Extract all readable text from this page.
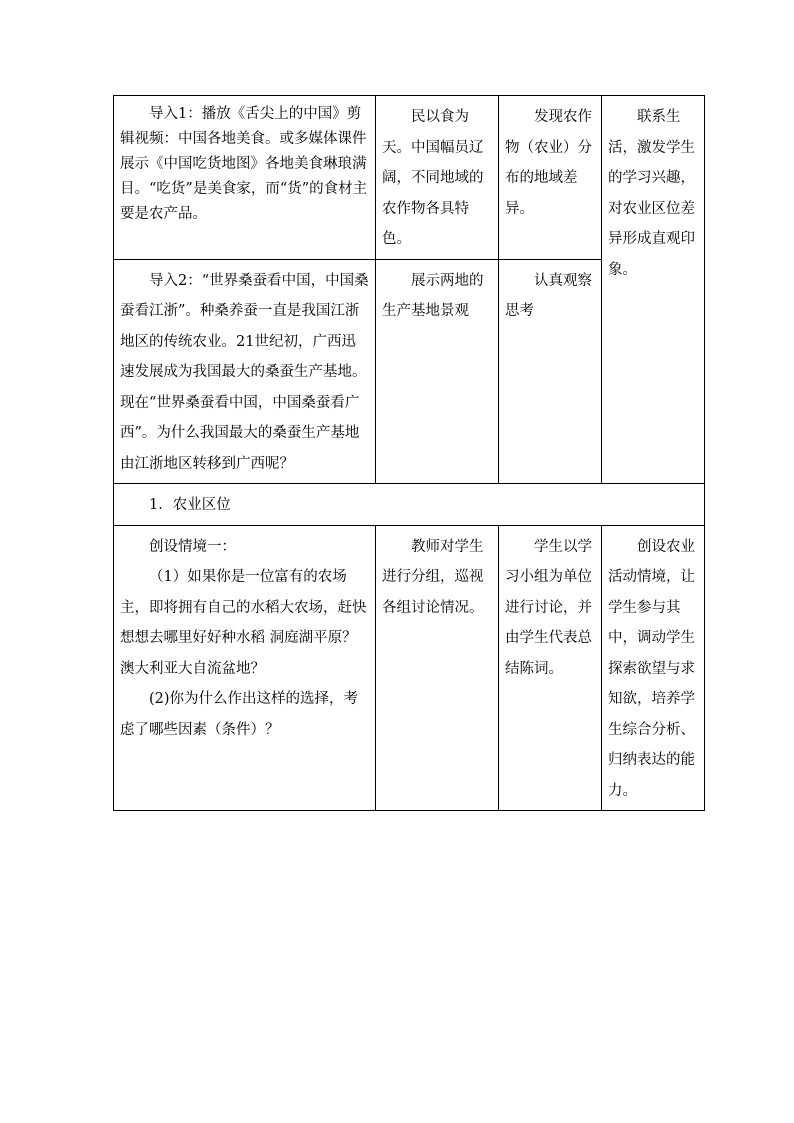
导入1：播放《舌尖上的中国》剪辑视频：中国各地美食。或多媒体课件展示《中国吃货地图》各地美食琳琅满目。“吃货”是美食家，而“货”的食材主要是农产品。	民以食为天。中国幅员辽阔，不同地域的农作物各具特色。	发现农作物（农业）分布的地域差异。	联系生活，激发学生的学习兴趣，对农业区位差异形成直观印象。

导入2：“世界桑蚕看中国，中国桑蚕看江浙”。种桑养蚕一直是我国江浙地区的传统农业。21世纪初，广西迅速发展成为我国最大的桑蚕生产基地。现在“世界桑蚕看中国，中国桑蚕看广西”。为什么我国最大的桑蚕生产基地由江浙地区转移到广西呢？	展示两地的生产基地景观	认真观察思考	

1．农业区位			

创设情境一：

（1）如果你是一位富有的农场主，即将拥有自己的水稻大农场，赶快想想去哪里好好种水稻 洞庭湖平原？澳大利亚大自流盆地？

(2)你为什么作出这样的选择，考虑了哪些因素（条件）？	教师对学生进行分组，巡视各组讨论情况。	学生以学习小组为单位进行讨论，并由学生代表总结陈词。	创设农业活动情境，让学生参与其中，调动学生探索欲望与求知欲，培养学生综合分析、归纳表达的能力。
